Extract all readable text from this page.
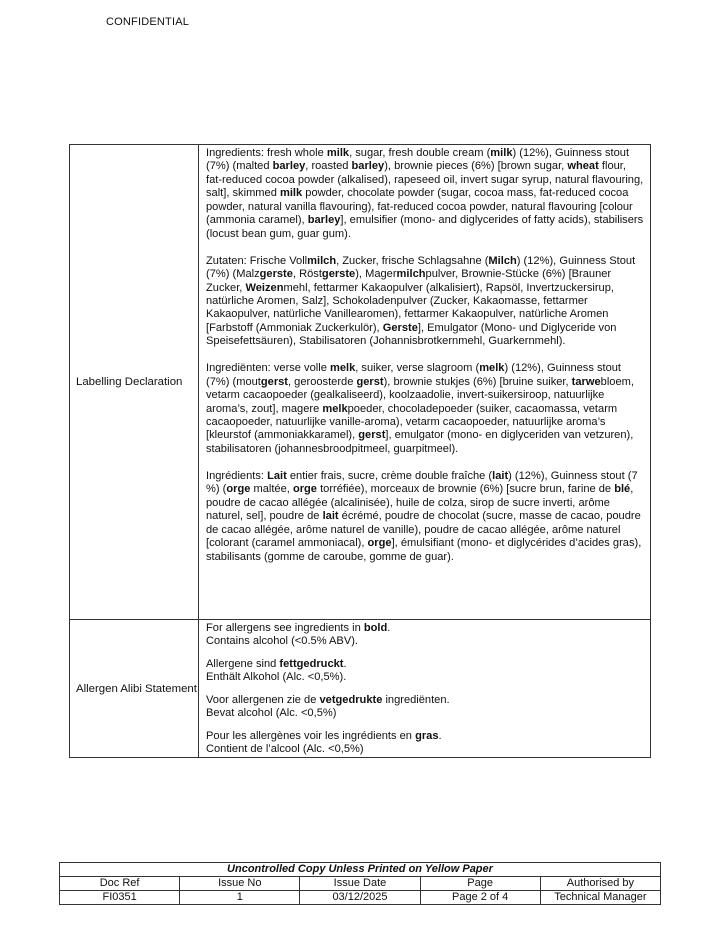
CONFIDENTIAL
Labelling Declaration

Ingredients: fresh whole milk, sugar, fresh double cream (milk) (12%), Guinness stout (7%) (malted barley, roasted barley), brownie pieces (6%) [brown sugar, wheat flour, fat-reduced cocoa powder (alkalised), rapeseed oil, invert sugar syrup, natural flavouring, salt], skimmed milk powder, chocolate powder (sugar, cocoa mass, fat-reduced cocoa powder, natural vanilla flavouring), fat-reduced cocoa powder, natural flavouring [colour (ammonia caramel), barley], emulsifier (mono- and diglycerides of fatty acids), stabilisers (locust bean gum, guar gum).

Zutaten: Frische Vollmilch, Zucker, frische Schlagsahne (Milch) (12%), Guinness Stout (7%) (Malzgerste, Röstgerste), Magermilchpulver, Brownie-Stücke (6%) [Brauner Zucker, Weizenmehl, fettarmer Kakaopulver (alkalisiert), Rapsöl, Invertzuckersirup, natürliche Aromen, Salz], Schokoladenpulver (Zucker, Kakaomasse, fettarmer Kakaopulver, natürliche Vanillearomen), fettarmer Kakaopulver, natürliche Aromen [Farbstoff (Ammoniak Zuckerkulör), Gerste], Emulgator (Mono- und Diglyceride von Speisefettsäuren), Stabilisatoren (Johannisbrotkernmehl, Guarkernmehl).

Ingrediënten: verse volle melk, suiker, verse slagroom (melk) (12%), Guinness stout (7%) (moutgerst, geroosterde gerst), brownie stukjes (6%) [bruine suiker, tarwebloem, vetarm cacaopoeder (gealkaliseerd), koolzaadolie, invert-suikersiroop, natuurlijke aroma’s, zout], magere melkpoeder, chocoladepoeder (suiker, cacaomassa, vetarm cacaopoeder, natuurlijke vanille-aroma), vetarm cacaopoeder, natuurlijke aroma’s [kleurstof (ammoniakkaramel), gerst], emulgator (mono- en diglyceriden van vetzuren), stabilisatoren (johannesbroodpitmeel, guarpitmeel).

Ingrédients: Lait entier frais, sucre, crème double fraîche (lait) (12%), Guinness stout (7 %) (orge maltée, orge torréfiée), morceaux de brownie (6%) [sucre brun, farine de blé, poudre de cacao allégée (alcalinisée), huile de colza, sirop de sucre inverti, arôme naturel, sel], poudre de lait écrémé, poudre de chocolat (sucre, masse de cacao, poudre de cacao allégée, arôme naturel de vanille), poudre de cacao allégée, arôme naturel [colorant (caramel ammoniacal), orge], émulsifiant (mono- et diglycérides d’acides gras), stabilisants (gomme de caroube, gomme de guar).

Allergen Alibi Statement
For allergens see ingredients in bold.
Contains alcohol (<0.5% ABV).
Allergene sind fettgedruckt.
Enthält Alkohol (Alc. <0,5%).
Voor allergenen zie de vetgedrukte ingrediënten.
Bevat alcohol (Alc. <0,5%)
Pour les allergènes voir les ingrédients en gras.
Contient de l’alcool (Alc. <0,5%)
Uncontrolled Copy Unless Printed on Yellow Paper				
Doc Ref	Issue No	Issue Date	Page	Authorised by
FI0351	1	03/12/2025	Page 2 of 4	Technical Manager
